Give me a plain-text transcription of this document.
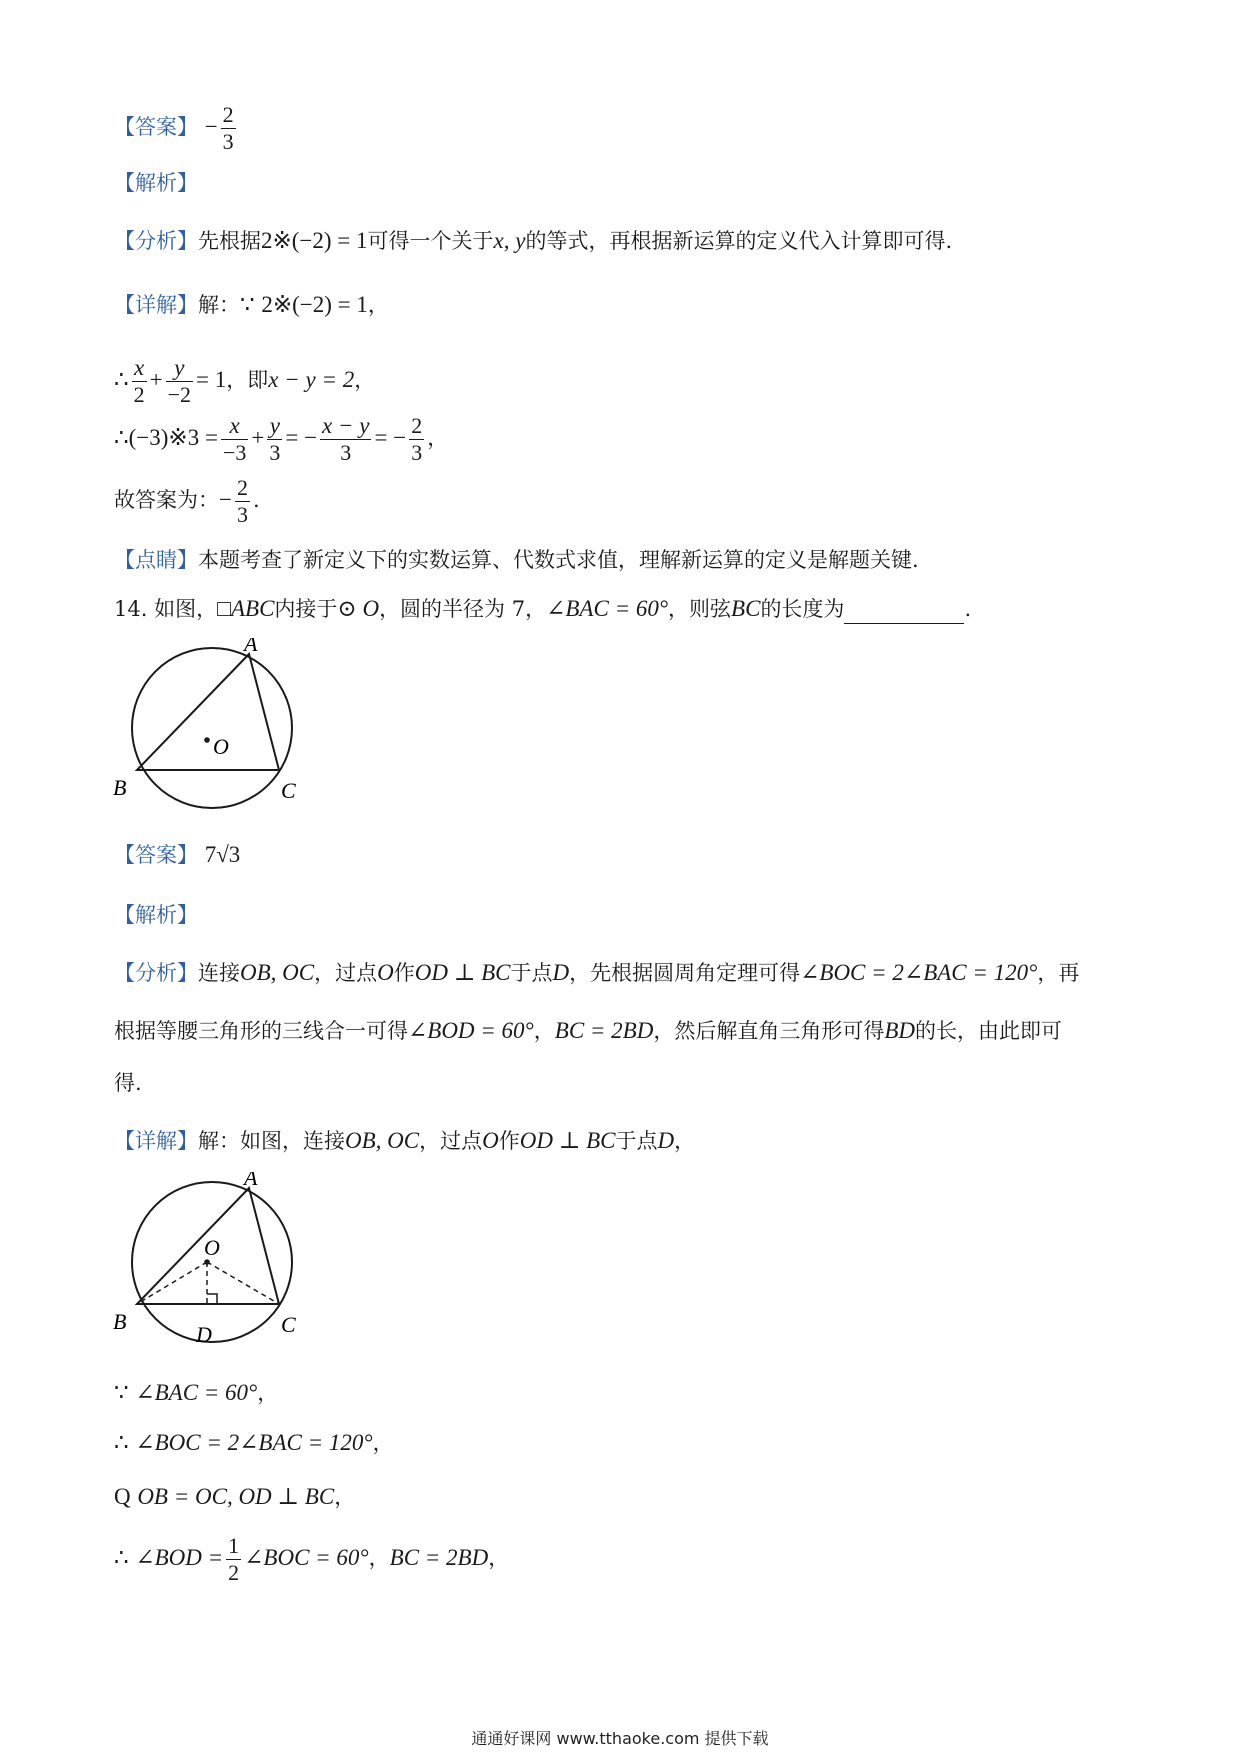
【答案】 − $\frac{2}{3}$
【解析】
【分析】先根据2※(−2) = 1可得一个关于x, y的等式，再根据新运算的定义代入计算即可得.
【详解】解：∵ 2※(−2) = 1，
∴ $\frac{x}{2} + \frac{y}{-2} = 1$，即x − y = 2，
∴(−3)※3 = $\frac{x}{-3} + \frac{y}{3}$ = − $\frac{x - y}{3}$ = − $\frac{2}{3}$ ，
故答案为：− $\frac{2}{3}$ .
【点睛】本题考查了新定义下的实数运算、代数式求值，理解新运算的定义是解题关键.
14. 如图，□ABC内接于⊙ O，圆的半径为 7，∠BAC = 60°，则弦BC的长度为	.
A
B	C
O
【答案】 7√3
【解析】
【分析】连接OB, OC，过点O作OD ⊥ BC于点D，先根据圆周角定理可得∠BOC = 2∠BAC = 120°，再
根据等腰三角形的三线合一可得∠BOD = 60°，BC = 2BD，然后解直角三角形可得BD的长，由此即可
得.
【详解】解：如图，连接OB, OC，过点O作OD ⊥ BC于点D，
A
B	C
O
D
∵ ∠BAC = 60°，
∴ ∠BOC = 2∠BAC = 120°，
Q OB = OC, OD ⊥ BC，
∴ ∠BOD = $\frac{1}{2}$ ∠BOC = 60°，BC = 2BD，
通通好课网 www.tthaoke.com 提供下载
